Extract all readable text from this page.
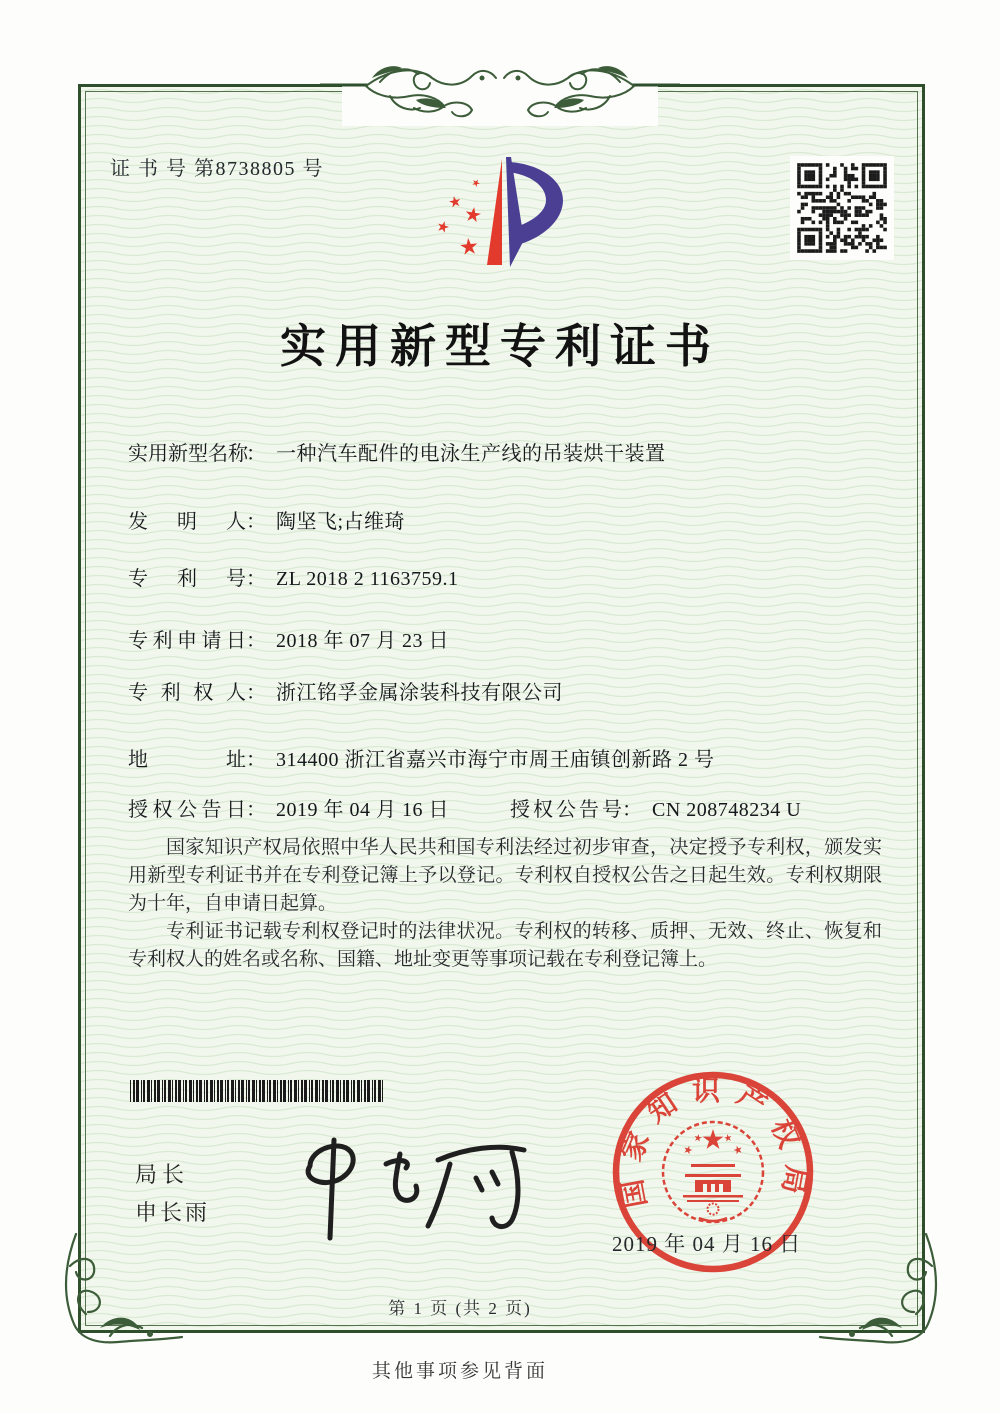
证 书 号 第8738805 号
实用新型专利证书
实用新型名称： 一种汽车配件的电泳生产线的吊装烘干装置
发明人： 陶坚飞;占维琦
专利号： ZL 2018 2 1163759.1
专利申请日： 2018 年 07 月 23 日
专利权人： 浙江铭孚金属涂装科技有限公司
地址： 314400 浙江省嘉兴市海宁市周王庙镇创新路 2 号
授权公告日： 2019 年 04 月 16 日	授权公告号： CN 208748234 U

国家知识产权局依照中华人民共和国专利法经过初步审查，决定授予专利权，颁发实用新型专利证书并在专利登记簿上予以登记。专利权自授权公告之日起生效。专利权期限为十年，自申请日起算。

专利证书记载专利权登记时的法律状况。专利权的转移、质押、无效、终止、恢复和专利权人的姓名或名称、国籍、地址变更等事项记载在专利登记簿上。

局长
申长雨
国家知识产权局
2019 年 04 月 16 日
第 1 页 (共 2 页)
其他事项参见背面
